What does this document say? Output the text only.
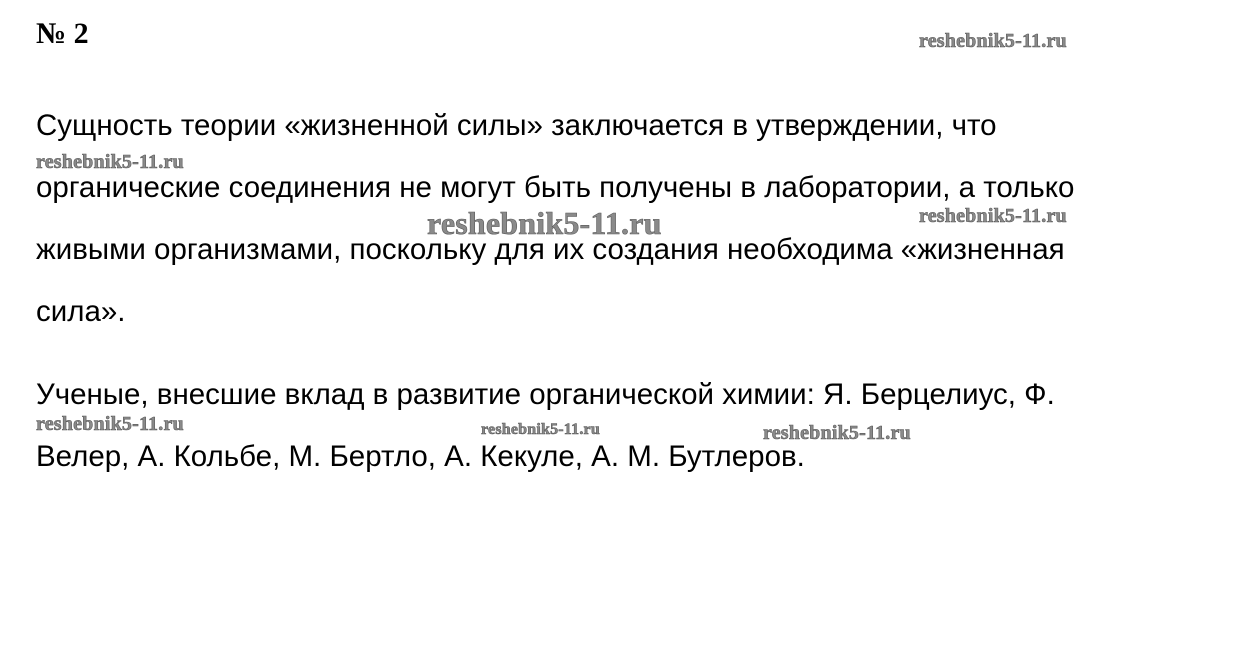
№ 2

Сущность теории «жизненной силы» заключается в утверждении, что
органические соединения не могут быть получены в лаборатории, а только
живыми организмами, поскольку для их создания необходима «жизненная
сила».

Ученые, внесшие вклад в развитие органической химии: Я. Берцелиус, Ф.
Велер, А. Кольбе, М. Бертло, А. Кекуле, А. М. Бутлеров.

reshebnik5-11.ru
reshebnik5-11.ru
reshebnik5-11.ru	reshebnik5-11.ru
reshebnik5-11.ru	reshebnik5-11.ru	reshebnik5-11.ru
